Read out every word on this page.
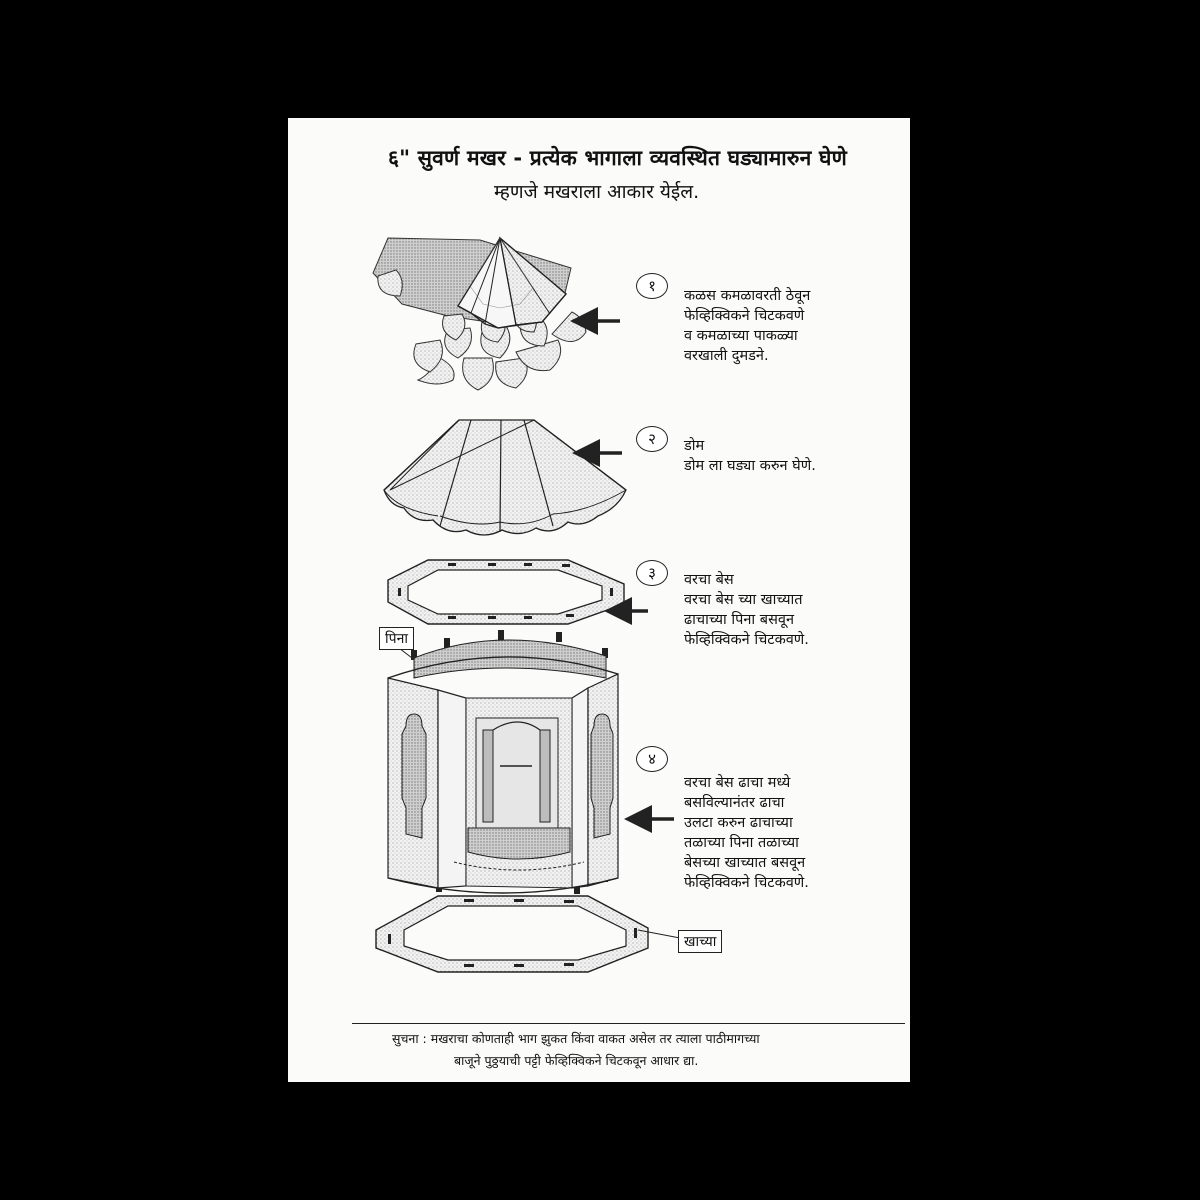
६" सुवर्ण मखर - प्रत्येक भागाला व्यवस्थित घड्यामारुन घेणे
म्हणजे मखराला आकार येईल.
१
कळस कमळावरती ठेवून
फेव्हिक्विकने चिटकवणे
व कमळाच्या पाकळ्या
वरखाली दुमडने.
२	डोम
डोम ला घड्या करुन घेणे.
३	वरचा बेस
वरचा बेस च्या खाच्यात
ढाचाच्या पिना बसवून
फेव्हिक्विकने चिटकवणे.
४
वरचा बेस ढाचा मध्ये
बसविल्यानंतर ढाचा
उलटा करुन ढाचाच्या
तळाच्या पिना तळाच्या
बेसच्या खाच्यात बसवून
फेव्हिक्विकने चिटकवणे.
पिना
खाच्या
सुचना : मखराचा कोणताही भाग झुकत किंवा वाकत असेल तर त्याला पाठीमागच्या
बाजूने पुठ्ठयाची पट्टी फेव्हिक्विकने चिटकवून आधार द्या.
